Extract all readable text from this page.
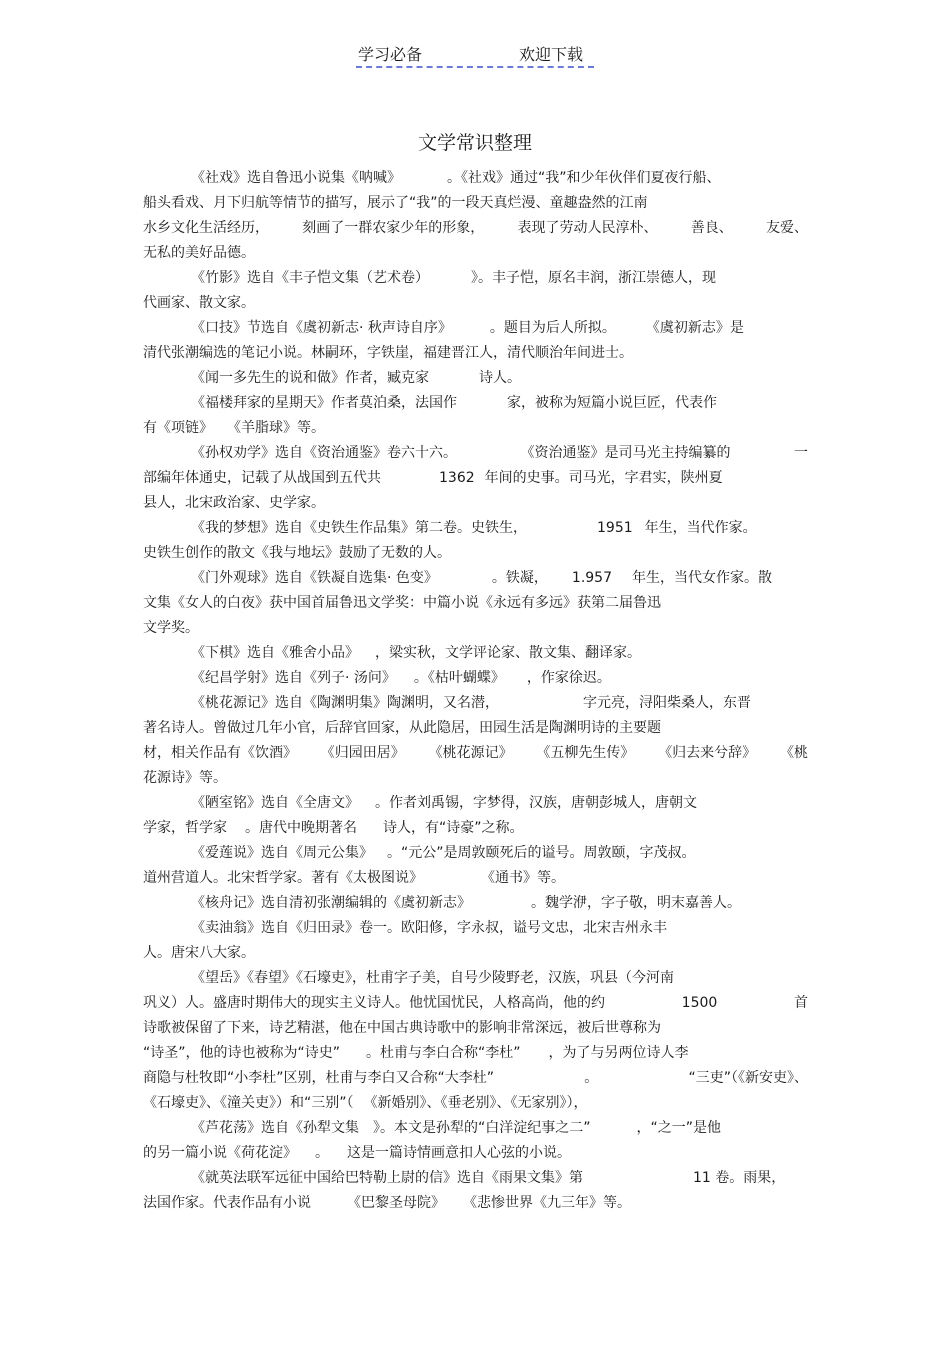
学习必备	欢迎下载
文学常识整理
《社戏》选自鲁迅小说集《呐喊》	。《社戏》通过“我”和少年伙伴们夏夜行船、
船头看戏、月下归航等情节的描写，展示了“我”的一段天真烂漫、童趣盎然的江南
水乡文化生活经历， 刻画了一群农家少年的形象， 表现了劳动人民淳朴、 善良、 友爱、
无私的美好品德。
《竹影》选自《丰子恺文集（艺术卷）	》。丰子恺，原名丰润，浙江崇德人，现
代画家、散文家。
《口技》节选自《虞初新志· 秋声诗自序》	。题目为后人所拟。 《虞初新志》是
清代张潮编选的笔记小说。林嗣环，字铁崖，福建晋江人，清代顺治年间进士。
《闻一多先生的说和做》作者，臧克家	诗人。
《福楼拜家的星期天》作者莫泊桑，法国作	家，被称为短篇小说巨匠，代表作
有《项链》 《羊脂球》等。
《孙权劝学》选自《资治通鉴》卷六十六。	《资治通鉴》是司马光主持编纂的	一
部编年体通史，记载了从战国到五代共	1362 年间的史事。司马光，字君实，陕州夏
县人，北宋政治家、史学家。
《我的梦想》选自《史铁生作品集》第二卷。史铁生，	1951 年生，当代作家。
史铁生创作的散文《我与地坛》鼓励了无数的人。
《门外观球》选自《铁凝自选集· 色变》	。铁凝， 1.957 年生，当代女作家。散
文集《女人的白夜》获中国首届鲁迅文学奖：中篇小说《永远有多远》获第二届鲁迅
文学奖。
《下棋》选自《雅舍小品》 ，梁实秋，文学评论家、散文集、翻译家。
《纪昌学射》选自《列子· 汤问》 。《枯叶蝴蝶》 ，作家徐迟。
《桃花源记》选自《陶渊明集》陶渊明，又名潜，	字元亮，浔阳柴桑人，东晋
著名诗人。曾做过几年小官，后辞官回家，从此隐居，田园生活是陶渊明诗的主要题
材，相关作品有《饮酒》 《归园田居》 《桃花源记》 《五柳先生传》 《归去来兮辞》 《桃
花源诗》等。
《陋室铭》选自《全唐文》 。作者刘禹锡，字梦得，汉族，唐朝彭城人，唐朝文
学家，哲学家 。唐代中晚期著名 诗人，有“诗豪”之称。
《爱莲说》选自《周元公集》 。“元公”是周敦颐死后的谥号。周敦颐，字茂叔。
道州营道人。北宋哲学家。著有《太极图说》	《通书》等。
《核舟记》选自清初张潮编辑的《虞初新志》	。魏学洢，字子敬，明末嘉善人。
《卖油翁》选自《归田录》卷一。欧阳修，字永叔，谥号文忠，北宋吉州永丰
人。唐宋八大家。
《望岳》《春望》《石壕吏》，杜甫字子美，自号少陵野老，汉族，巩县（今河南
巩义）人。盛唐时期伟大的现实主义诗人。他忧国忧民，人格高尚，他的约	1500	首
诗歌被保留了下来，诗艺精湛，他在中国古典诗歌中的影响非常深远，被后世尊称为
“诗圣”，他的诗也被称为“诗史” 。杜甫与李白合称“李杜” ，为了与另两位诗人李
商隐与杜牧即“小李杜”区别，杜甫与李白又合称“大李杜”	。	“三吏”（《新安吏》、
《石壕吏》、《潼关吏》）和“三别”（ 《新婚别》、《垂老别》、《无家别》），
《芦花荡》选自《孙犁文集 》。本文是孙犁的“白洋淀纪事之二”	，“之一”是他
的另一篇小说《荷花淀》 。 这是一篇诗情画意扣人心弦的小说。
《就英法联军远征中国给巴特勒上尉的信》选自《雨果文集》第	11 卷。雨果，
法国作家。代表作品有小说	《巴黎圣母院》 《悲惨世界《九三年》等。
